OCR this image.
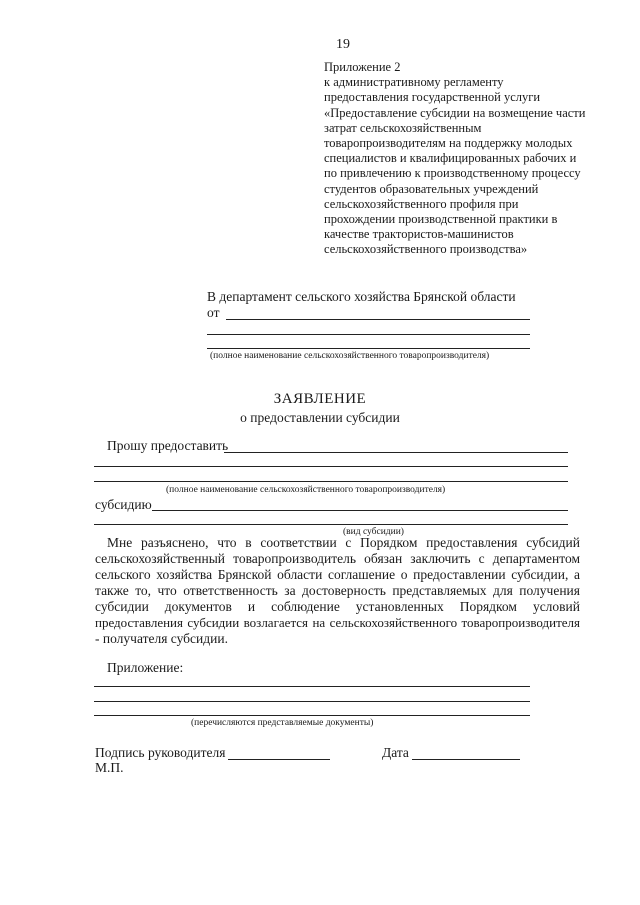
19
Приложение 2
к административному регламенту
предоставления государственной услуги
«Предоставление субсидии на возмещение части
затрат сельскохозяйственным
товаропроизводителям на поддержку молодых
специалистов и квалифицированных рабочих и
по привлечению к производственному процессу
студентов образовательных учреждений
сельскохозяйственного профиля при
прохождении производственной практики в
качестве трактористов-машинистов
сельскохозяйственного производства»
В департамент сельского хозяйства Брянской области
от
(полное наименование сельскохозяйственного товаропроизводителя)
ЗАЯВЛЕНИЕ
о предоставлении субсидии
Прошу предоставить
(полное наименование сельскохозяйственного товаропроизводителя)
субсидию
(вид субсидии)
Мне разъяснено, что в соответствии с Порядком предоставления субсидий
сельскохозяйственный товаропроизводитель обязан заключить с департаментом
сельского хозяйства Брянской области соглашение о предоставлении субсидии, а
также то, что ответственность за достоверность представляемых для получения
субсидии документов и соблюдение установленных Порядком условий
предоставления субсидии возлагается на сельскохозяйственного товаропроизводителя
- получателя субсидии.
Приложение:
(перечисляются представляемые документы)
Подпись руководителя
М.П.
Дата
